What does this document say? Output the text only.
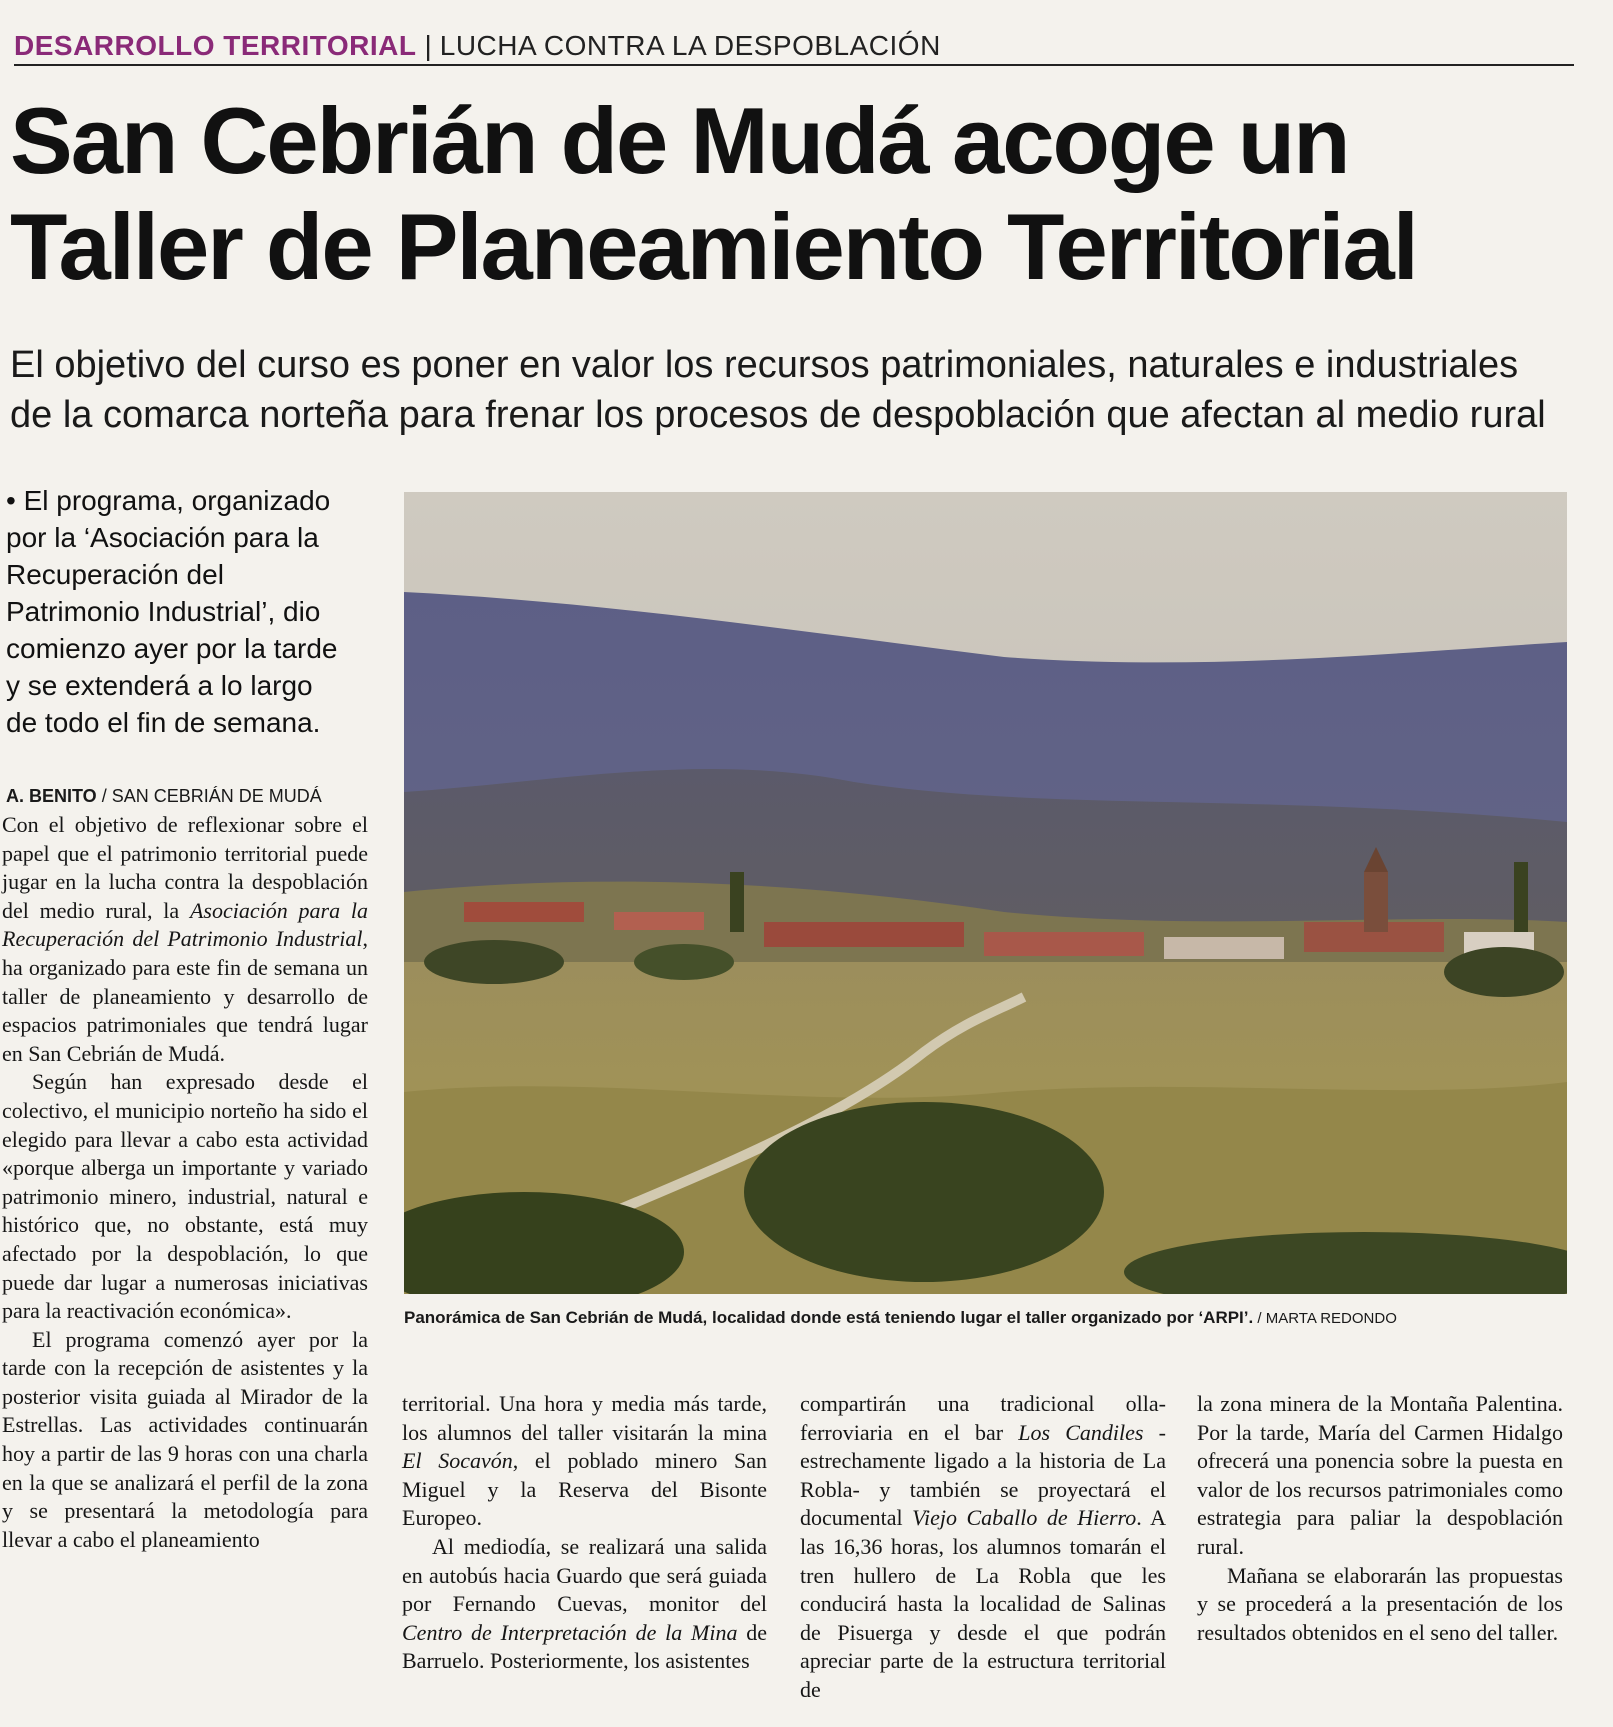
DESARROLLO TERRITORIAL | LUCHA CONTRA LA DESPOBLACIÓN
San Cebrián de Mudá acoge un
Taller de Planeamiento Territorial
El objetivo del curso es poner en valor los recursos patrimoniales, naturales e industriales
de la comarca norteña para frenar los procesos de despoblación que afectan al medio rural
• El programa, organizado por la ‘Asociación para la Recuperación del Patrimonio Industrial’, dio comienzo ayer por la tarde y se extenderá a lo largo de todo el fin de semana.
A. BENITO / SAN CEBRIÁN DE MUDÁ

Con el objetivo de reflexionar sobre el papel que el patrimonio territorial puede jugar en la lucha contra la despoblación del medio rural, la Asociación para la Recuperación del Patrimonio Industrial, ha organizado para este fin de semana un taller de planeamiento y desarrollo de espacios patrimoniales que tendrá lugar en San Cebrián de Mudá.

Según han expresado desde el colectivo, el municipio norteño ha sido el elegido para llevar a cabo esta actividad «porque alberga un importante y variado patrimonio minero, industrial, natural e histórico que, no obstante, está muy afectado por la despoblación, lo que puede dar lugar a numerosas iniciativas para la reactivación económica».

El programa comenzó ayer por la tarde con la recepción de asistentes y la posterior visita guiada al Mirador de la Estrellas. Las actividades continuarán hoy a partir de las 9 horas con una charla en la que se analizará el perfil de la zona y se presentará la metodología para llevar a cabo el planeamiento

territorial. Una hora y media más tarde, los alumnos del taller visitarán la mina El Socavón, el poblado minero San Miguel y la Reserva del Bisonte Europeo.

Al mediodía, se realizará una salida en autobús hacia Guardo que será guiada por Fernando Cuevas, monitor del Centro de Interpretación de la Mina de Barruelo. Posteriormente, los asistentes

compartirán una tradicional olla-ferroviaria en el bar Los Candiles -estrechamente ligado a la historia de La Robla- y también se proyectará el documental Viejo Caballo de Hierro. A las 16,36 horas, los alumnos tomarán el tren hullero de La Robla que les conducirá hasta la localidad de Salinas de Pisuerga y desde el que podrán apreciar parte de la estructura territorial de

la zona minera de la Montaña Palentina. Por la tarde, María del Carmen Hidalgo ofrecerá una ponencia sobre la puesta en valor de los recursos patrimoniales como estrategia para paliar la despoblación rural.

Mañana se elaborarán las propuestas y se procederá a la presentación de los resultados obtenidos en el seno del taller.

Panorámica de San Cebrián de Mudá, localidad donde está teniendo lugar el taller organizado por ‘ARPI’. / MARTA REDONDO
